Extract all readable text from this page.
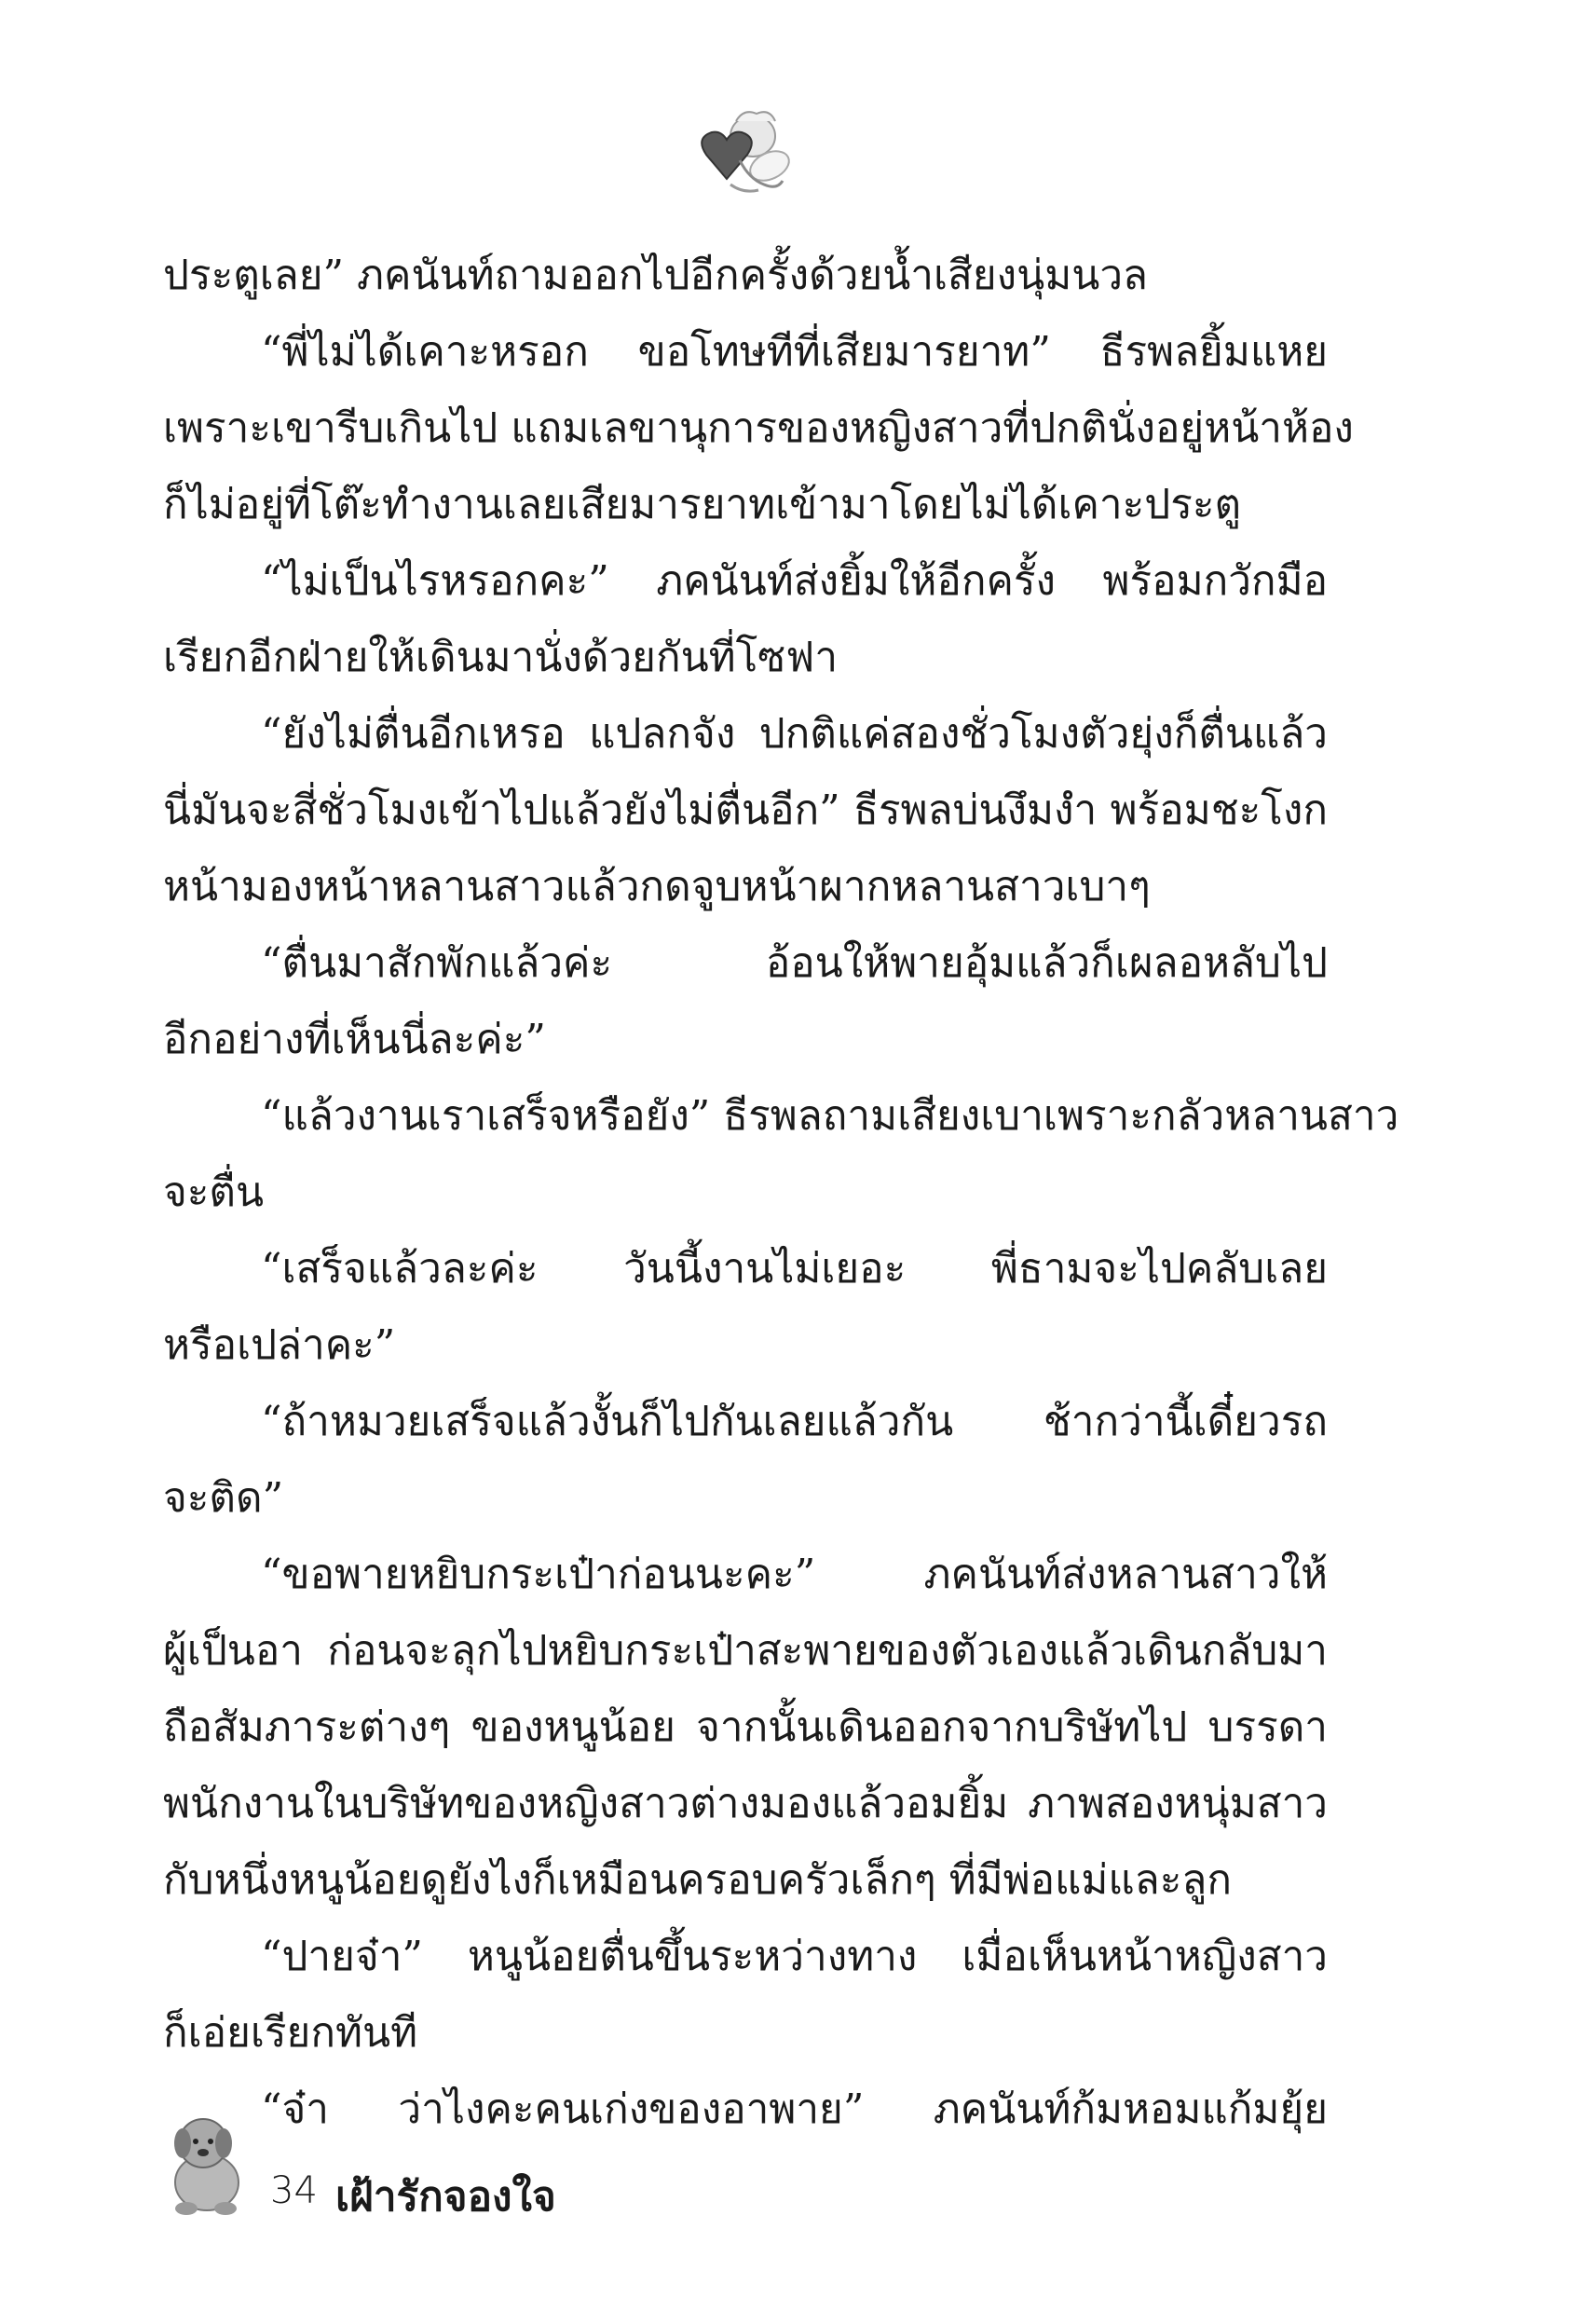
ประตูเลย” ภคนันท์ถามออกไปอีกครั้งด้วยน้ำเสียงนุ่มนวล
“พี่ไม่ได้เคาะหรอก ขอโทษทีที่เสียมารยาท” ธีรพลยิ้มแหย
เพราะเขารีบเกินไป แถมเลขานุการของหญิงสาวที่ปกตินั่งอยู่หน้าห้อง
ก็ไม่อยู่ที่โต๊ะทำงานเลยเสียมารยาทเข้ามาโดยไม่ได้เคาะประตู
“ไม่เป็นไรหรอกคะ” ภคนันท์ส่งยิ้มให้อีกครั้ง พร้อมกวักมือ
เรียกอีกฝ่ายให้เดินมานั่งด้วยกันที่โซฟา
“ยังไม่ตื่นอีกเหรอ แปลกจัง ปกติแค่สองชั่วโมงตัวยุ่งก็ตื่นแล้ว
นี่มันจะสี่ชั่วโมงเข้าไปแล้วยังไม่ตื่นอีก” ธีรพลบ่นงึมงำ พร้อมชะโงก
หน้ามองหน้าหลานสาวแล้วกดจูบหน้าผากหลานสาวเบาๆ
“ตื่นมาสักพักแล้วค่ะ อ้อนให้พายอุ้มแล้วก็เผลอหลับไป
อีกอย่างที่เห็นนี่ละค่ะ”
“แล้วงานเราเสร็จหรือยัง” ธีรพลถามเสียงเบาเพราะกลัวหลานสาว
จะตื่น
“เสร็จแล้วละค่ะ วันนี้งานไม่เยอะ พี่ธามจะไปคลับเลย
หรือเปล่าคะ”
“ถ้าหมวยเสร็จแล้วงั้นก็ไปกันเลยแล้วกัน ช้ากว่านี้เดี๋ยวรถ
จะติด”
“ขอพายหยิบกระเป๋าก่อนนะคะ” ภคนันท์ส่งหลานสาวให้
ผู้เป็นอา ก่อนจะลุกไปหยิบกระเป๋าสะพายของตัวเองแล้วเดินกลับมา
ถือสัมภาระต่างๆ ของหนูน้อย จากนั้นเดินออกจากบริษัทไป บรรดา
พนักงานในบริษัทของหญิงสาวต่างมองแล้วอมยิ้ม ภาพสองหนุ่มสาว
กับหนึ่งหนูน้อยดูยังไงก็เหมือนครอบครัวเล็กๆ ที่มีพ่อแม่และลูก
“ปายจ๋า” หนูน้อยตื่นขึ้นระหว่างทาง เมื่อเห็นหน้าหญิงสาว
ก็เอ่ยเรียกทันที
“จ๋า ว่าไงคะคนเก่งของอาพาย” ภคนันท์ก้มหอมแก้มยุ้ย
34 เฝ้ารักจองใจ
